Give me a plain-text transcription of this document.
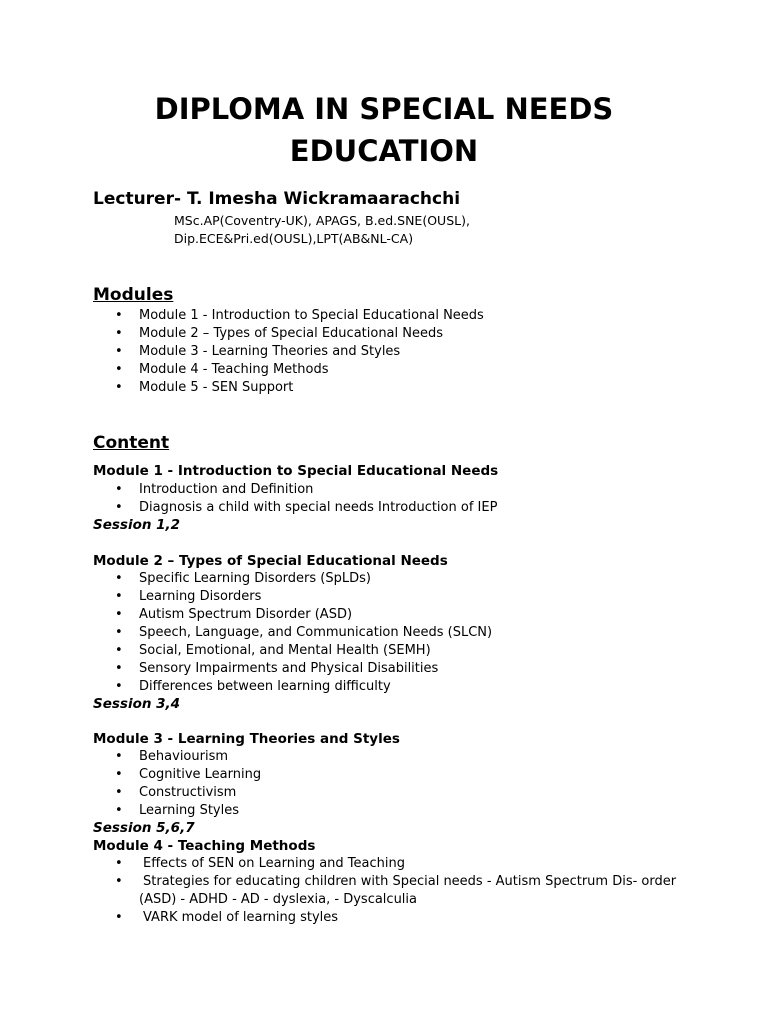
DIPLOMA IN SPECIAL NEEDS
EDUCATION
Lecturer- T. Imesha Wickramaarachchi
MSc.AP(Coventry-UK), APAGS, B.ed.SNE(OUSL),
Dip.ECE&Pri.ed(OUSL),LPT(AB&NL-CA)
Modules
• Module 1 - Introduction to Special Educational Needs
• Module 2 – Types of Special Educational Needs
• Module 3 - Learning Theories and Styles
• Module 4 - Teaching Methods
• Module 5 - SEN Support
Content
Module 1 - Introduction to Special Educational Needs
• Introduction and Definition
• Diagnosis a child with special needs Introduction of IEP
Session 1,2
Module 2 – Types of Special Educational Needs
• Specific Learning Disorders (SpLDs)
• Learning Disorders
• Autism Spectrum Disorder (ASD)
• Speech, Language, and Communication Needs (SLCN)
• Social, Emotional, and Mental Health (SEMH)
• Sensory Impairments and Physical Disabilities
• Differences between learning difficulty
Session 3,4
Module 3 - Learning Theories and Styles
• Behaviourism
• Cognitive Learning
• Constructivism
• Learning Styles
Session 5,6,7
Module 4 - Teaching Methods
• Effects of SEN on Learning and Teaching
• Strategies for educating children with Special needs - Autism Spectrum Dis- order
(ASD) - ADHD - AD - dyslexia, - Dyscalculia
• VARK model of learning styles
